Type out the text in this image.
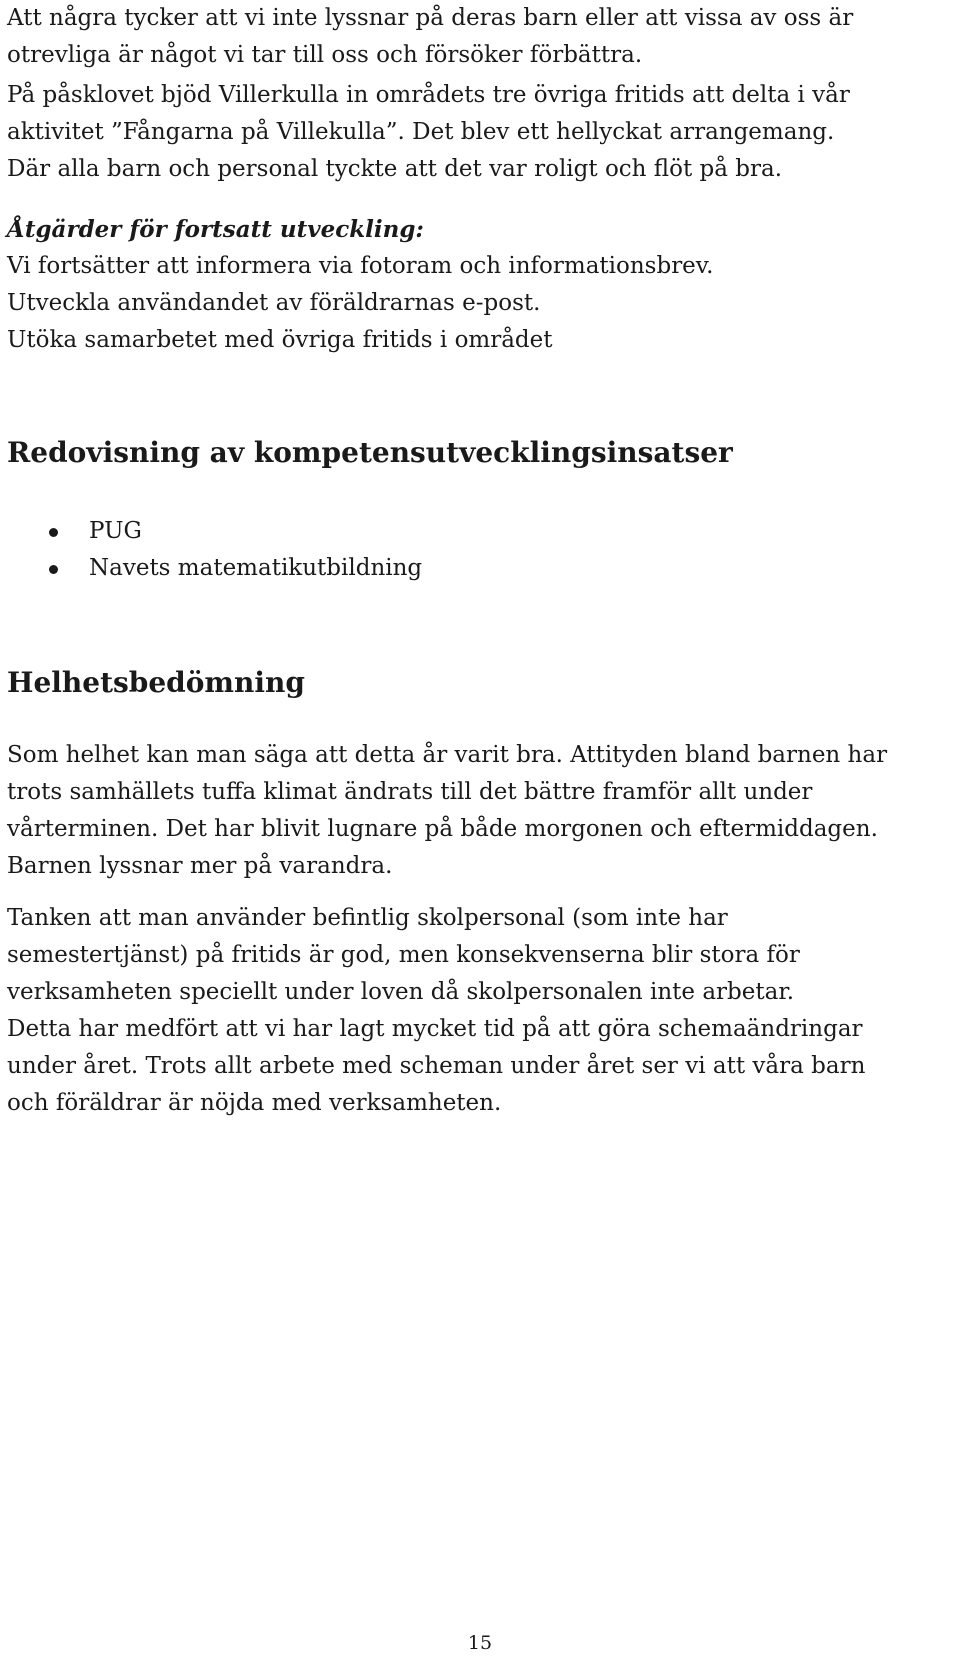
Att några tycker att vi inte lyssnar på deras barn eller att vissa av oss är
otrevliga är något vi tar till oss och försöker förbättra.

På påsklovet bjöd Villerkulla in områdets tre övriga fritids att delta i vår
aktivitet ”Fångarna på Villekulla”. Det blev ett hellyckat arrangemang.
Där alla barn och personal tyckte att det var roligt och flöt på bra.

Åtgärder för fortsatt utveckling:

Vi fortsätter att informera via fotoram och informationsbrev.
Utveckla användandet av föräldrarnas e-post.
Utöka samarbetet med övriga fritids i området

Redovisning av kompetensutvecklingsinsatser
PUG
Navets matematikutbildning
Helhetsbedömning

Som helhet kan man säga att detta år varit bra. Attityden bland barnen har
trots samhällets tuffa klimat ändrats till det bättre framför allt under
vårterminen. Det har blivit lugnare på både morgonen och eftermiddagen.
Barnen lyssnar mer på varandra.

Tanken att man använder befintlig skolpersonal (som inte har
semestertjänst) på fritids är god, men konsekvenserna blir stora för
verksamheten speciellt under loven då skolpersonalen inte arbetar.
Detta har medfört att vi har lagt mycket tid på att göra schemaändringar
under året. Trots allt arbete med scheman under året ser vi att våra barn
och föräldrar är nöjda med verksamheten.

15
